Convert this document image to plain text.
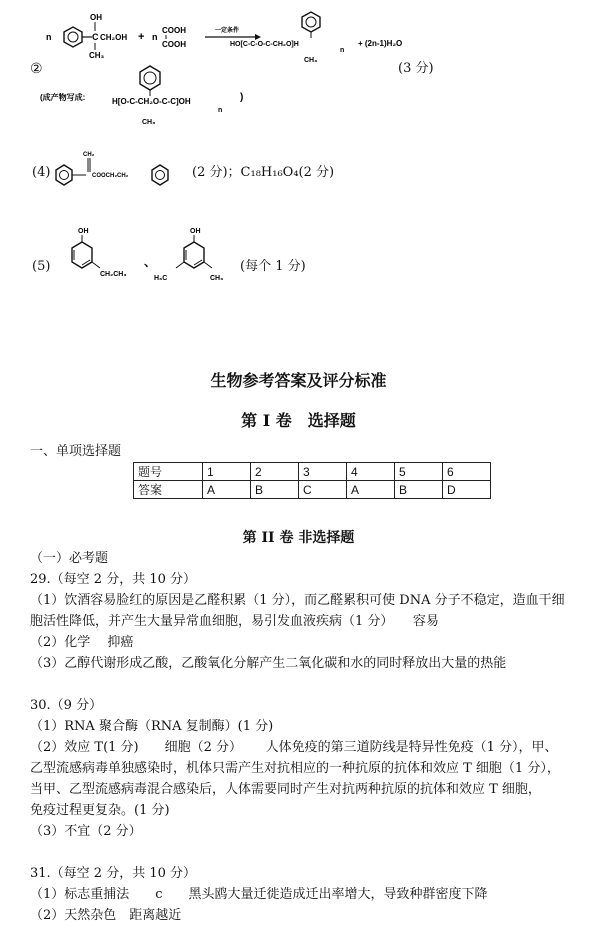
n
OH
C CH₂OH
CH₃
+ n
COOH
COOH
一定条件
HO[C-C-O-C-CH₂O]H
CH₃
n
+ (2n-1)H₂O
②	(3 分)
(成产物写成:	H[O-C-CH₂O-C-C]OH
CH₃
n
)
(4)
CH₂
COOCH₂CH₂	(2 分)；C₁₈H₁₆O₄(2 分)
(5)
OH
CH₂CH₃
、
OH
H₃C	CH₃
(每个 1 分)
生物参考答案及评分标准
第 I 卷　选择题
一、单项选择题
题号	1	2	3	4	5	6
答案	A	B	C	A	B	D
第 II 卷 非选择题
（一）必考题
29.（每空 2 分，共 10 分）
（1）饮酒容易脸红的原因是乙醛积累（1 分），而乙醛累积可使 DNA 分子不稳定，造血干细
胞活性降低，并产生大量异常血细胞，易引发血液疾病（1 分）　　容易
（2）化学　 抑癌
（3）乙醇代谢形成乙酸，乙酸氧化分解产生二氧化碳和水的同时释放出大量的热能
30.（9 分）
（1）RNA 聚合酶（RNA 复制酶）(1 分)
（2）效应 T(1 分)　　细胞（2 分）　　 人体免疫的第三道防线是特异性免疫（1 分），甲、
乙型流感病毒单独感染时，机体只需产生对抗相应的一种抗原的抗体和效应 T 细胞（1 分），
当甲、乙型流感病毒混合感染后，人体需要同时产生对抗两种抗原的抗体和效应 T 细胞，
免疫过程更复杂。(1 分)
（3）不宜（2 分）
31.（每空 2 分，共 10 分）
（1）标志重捕法　　c　　黑头鸥大量迁徙造成迁出率增大，导致种群密度下降
（2）天然杂色　距离越近
